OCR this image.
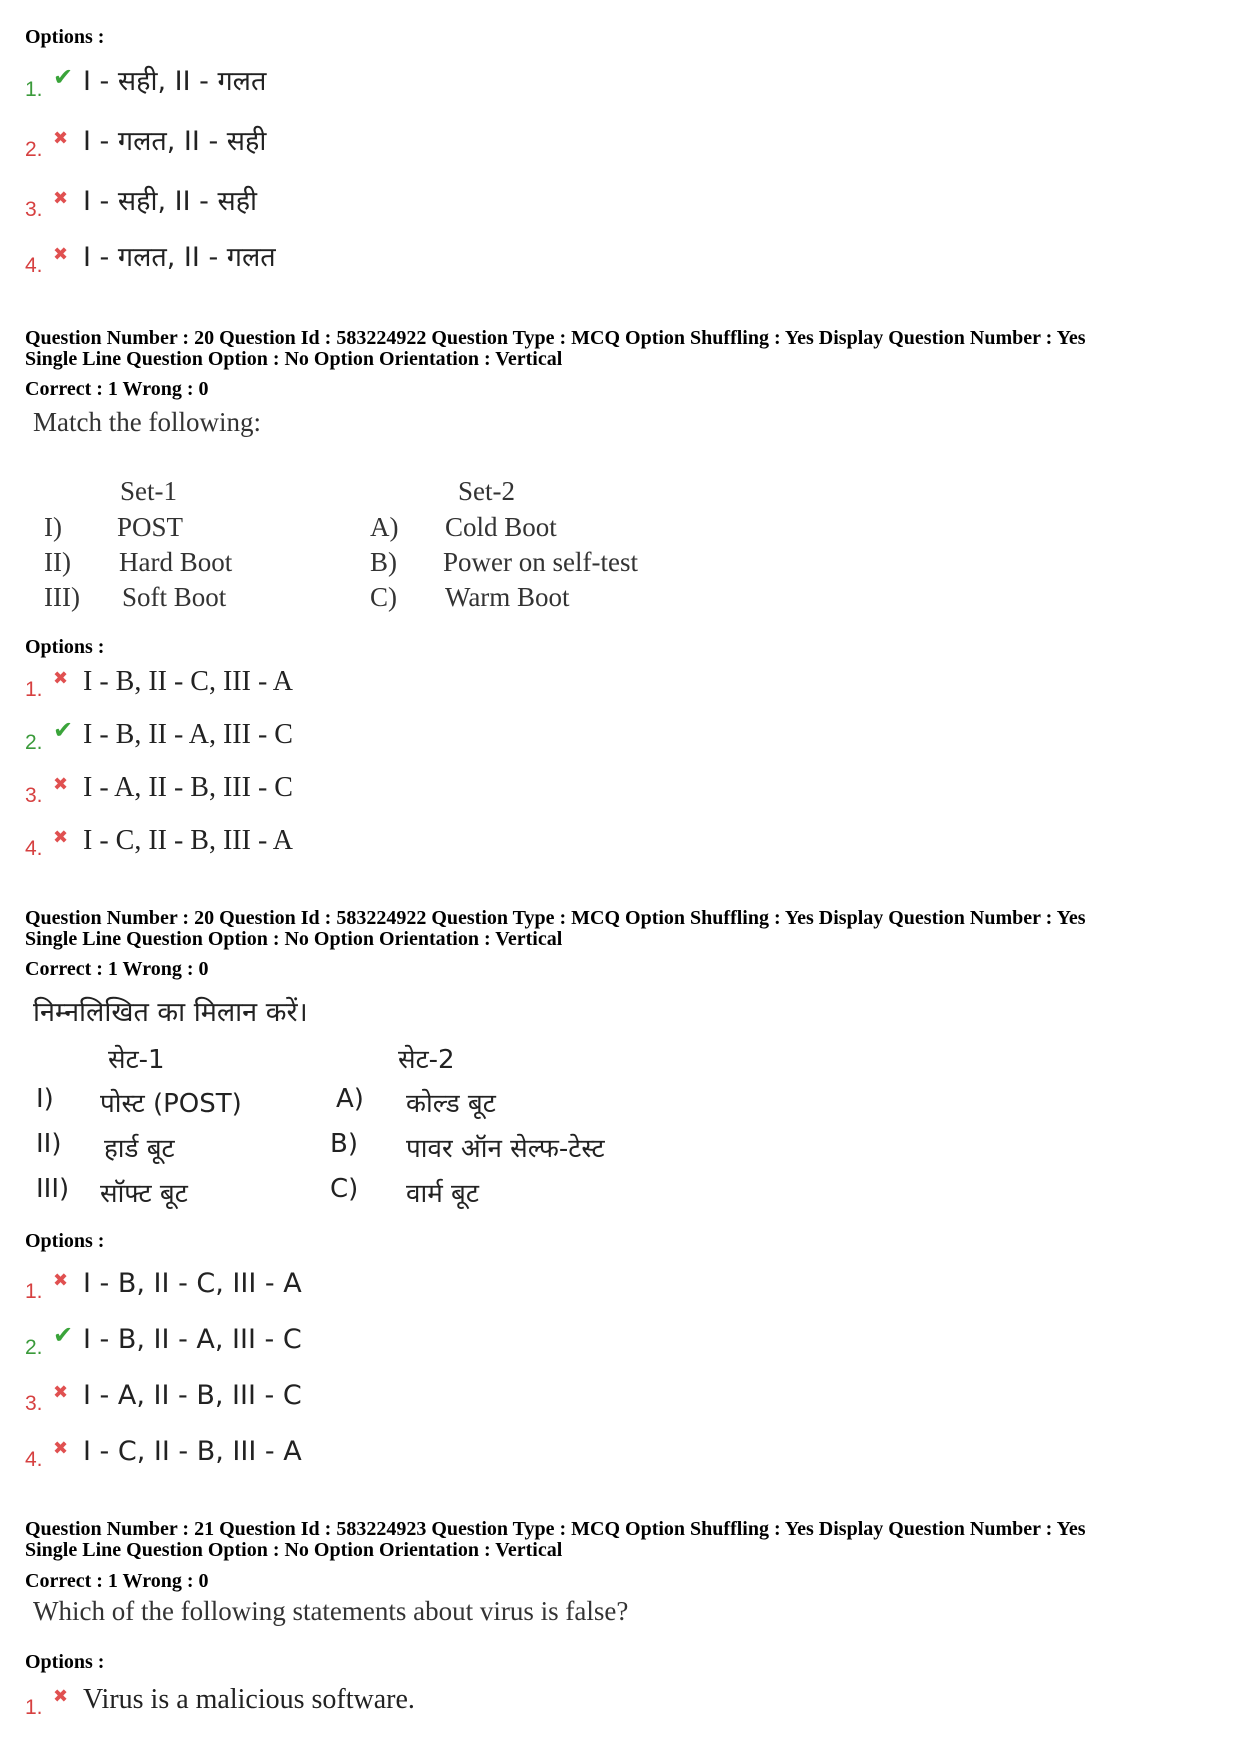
Options :
1. ✔ I - सही, II - गलत
2. ✖ I - गलत, II - सही
3. ✖ I - सही, II - सही
4. ✖ I - गलत, II - गलत
Question Number : 20 Question Id : 583224922 Question Type : MCQ Option Shuffling : Yes Display Question Number : Yes
Single Line Question Option : No Option Orientation : Vertical
Correct : 1 Wrong : 0
Match the following:
Set-1	Set-2
I) POST	A) Cold Boot
II) Hard Boot	B) Power on self-test
III) Soft Boot	C) Warm Boot
Options :
1. ✖ I - B, II - C, III - A
2. ✔ I - B, II - A, III - C
3. ✖ I - A, II - B, III - C
4. ✖ I - C, II - B, III - A
Question Number : 20 Question Id : 583224922 Question Type : MCQ Option Shuffling : Yes Display Question Number : Yes
Single Line Question Option : No Option Orientation : Vertical
Correct : 1 Wrong : 0
निम्नलिखित का मिलान करें।
सेट-1	सेट-2
I) पोस्ट (POST)	A) कोल्ड बूट
II) हार्ड बूट	B) पावर ऑन सेल्फ-टेस्ट
III) सॉफ्ट बूट	C) वार्म बूट
Options :
1. ✖ I - B, II - C, III - A
2. ✔ I - B, II - A, III - C
3. ✖ I - A, II - B, III - C
4. ✖ I - C, II - B, III - A
Question Number : 21 Question Id : 583224923 Question Type : MCQ Option Shuffling : Yes Display Question Number : Yes
Single Line Question Option : No Option Orientation : Vertical
Correct : 1 Wrong : 0
Which of the following statements about virus is false?
Options :
1. ✖ Virus is a malicious software.
